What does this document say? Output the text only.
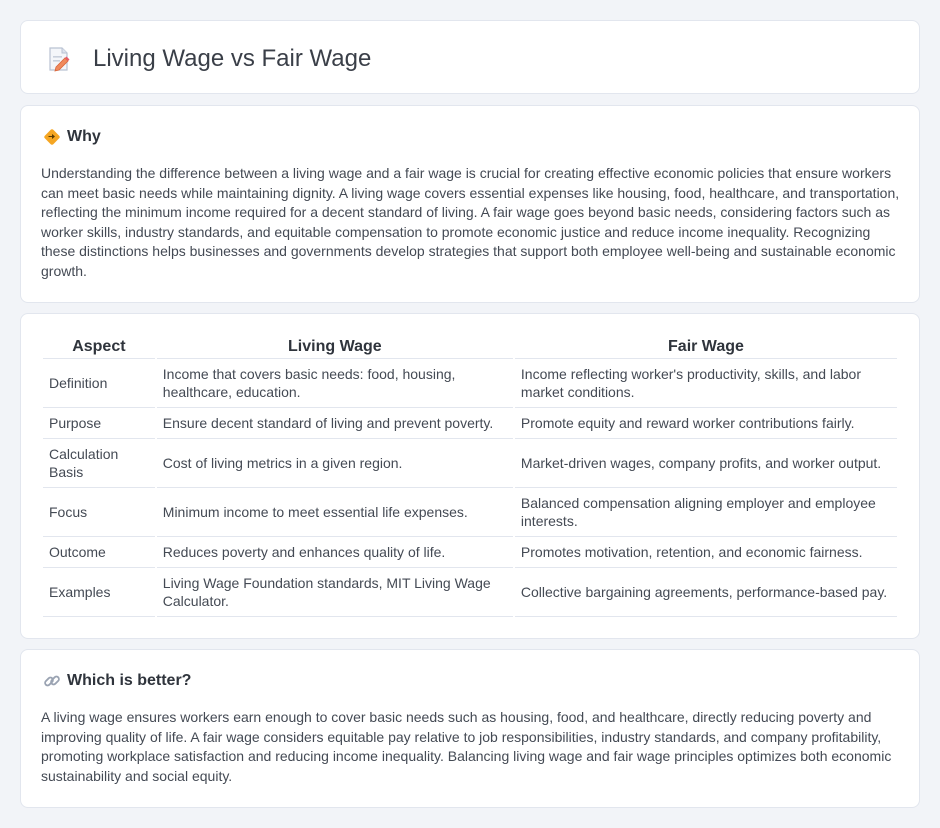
Living Wage vs Fair Wage
Why

Understanding the difference between a living wage and a fair wage is crucial for creating effective economic policies that ensure workers can meet basic needs while maintaining dignity. A living wage covers essential expenses like housing, food, healthcare, and transportation, reflecting the minimum income required for a decent standard of living. A fair wage goes beyond basic needs, considering factors such as worker skills, industry standards, and equitable compensation to promote economic justice and reduce income inequality. Recognizing these distinctions helps businesses and governments develop strategies that support both employee well-being and sustainable economic growth.

Aspect	Living Wage	Fair Wage
Definition	Income that covers basic needs: food, housing, healthcare, education.	Income reflecting worker's productivity, skills, and labor market conditions.
Purpose	Ensure decent standard of living and prevent poverty.	Promote equity and reward worker contributions fairly.
Calculation Basis	Cost of living metrics in a given region.	Market-driven wages, company profits, and worker output.
Focus	Minimum income to meet essential life expenses.	Balanced compensation aligning employer and employee interests.
Outcome	Reduces poverty and enhances quality of life.	Promotes motivation, retention, and economic fairness.
Examples	Living Wage Foundation standards, MIT Living Wage Calculator.	Collective bargaining agreements, performance-based pay.
Which is better?

A living wage ensures workers earn enough to cover basic needs such as housing, food, and healthcare, directly reducing poverty and improving quality of life. A fair wage considers equitable pay relative to job responsibilities, industry standards, and company profitability, promoting workplace satisfaction and reducing income inequality. Balancing living wage and fair wage principles optimizes both economic sustainability and social equity.
